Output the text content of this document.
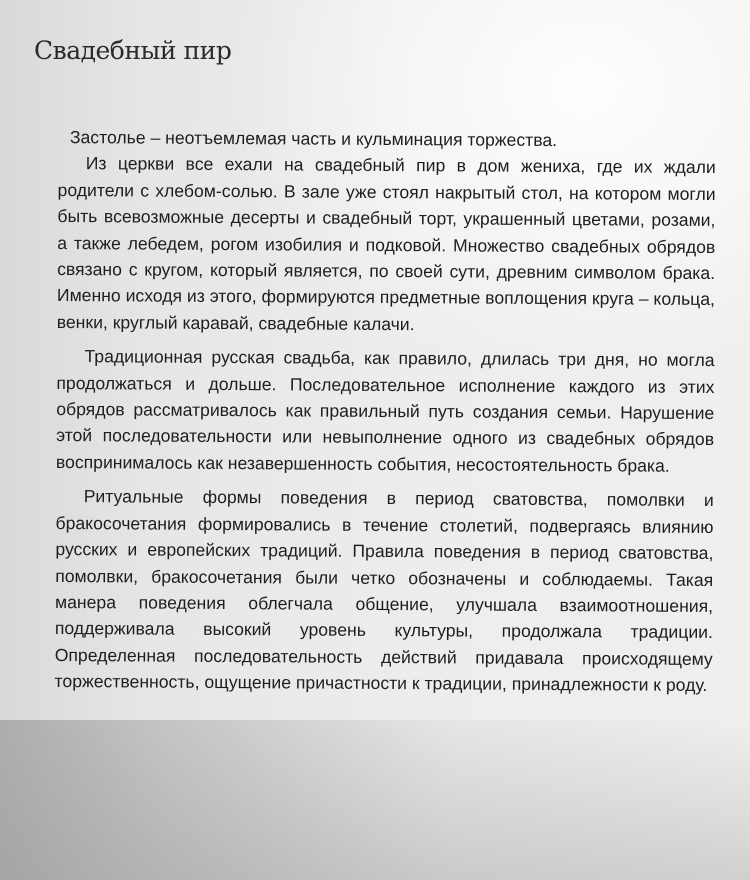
Свадебный пир

Застолье – неотъемлемая часть и кульминация торжества.

Из церкви все ехали на свадебный пир в дом жениха, где их ждали родители с хлебом-солью. В зале уже стоял накрытый стол, на котором могли быть всевозможные десерты и свадебный торт, украшенный цветами, розами, а также лебедем, рогом изобилия и подковой. Множество свадебных обрядов связано с кругом, который является, по своей сути, древним символом брака. Именно исходя из этого, формируются предметные воплощения круга – кольца, венки, круглый каравай, свадебные калачи.

Традиционная русская свадьба, как правило, длилась три дня, но могла продолжаться и дольше. Последовательное исполнение каждого из этих обрядов рассматривалось как правильный путь создания семьи. Нарушение этой последовательности или невыполнение одного из свадебных обрядов воспринималось как незавершенность события, несостоятельность брака.

Ритуальные формы поведения в период сватовства, помолвки и бракосочетания формировались в течение столетий, подвергаясь влиянию русских и европейских традиций. Правила поведения в период сватовства, помолвки, бракосочетания были четко обозначены и соблюдаемы. Такая манера поведения облегчала общение, улучшала взаимоотношения, поддерживала высокий уровень культуры, продолжала традиции. Определенная последовательность действий придавала происходящему торжественность, ощущение причастности к традиции, принадлежности к роду.
